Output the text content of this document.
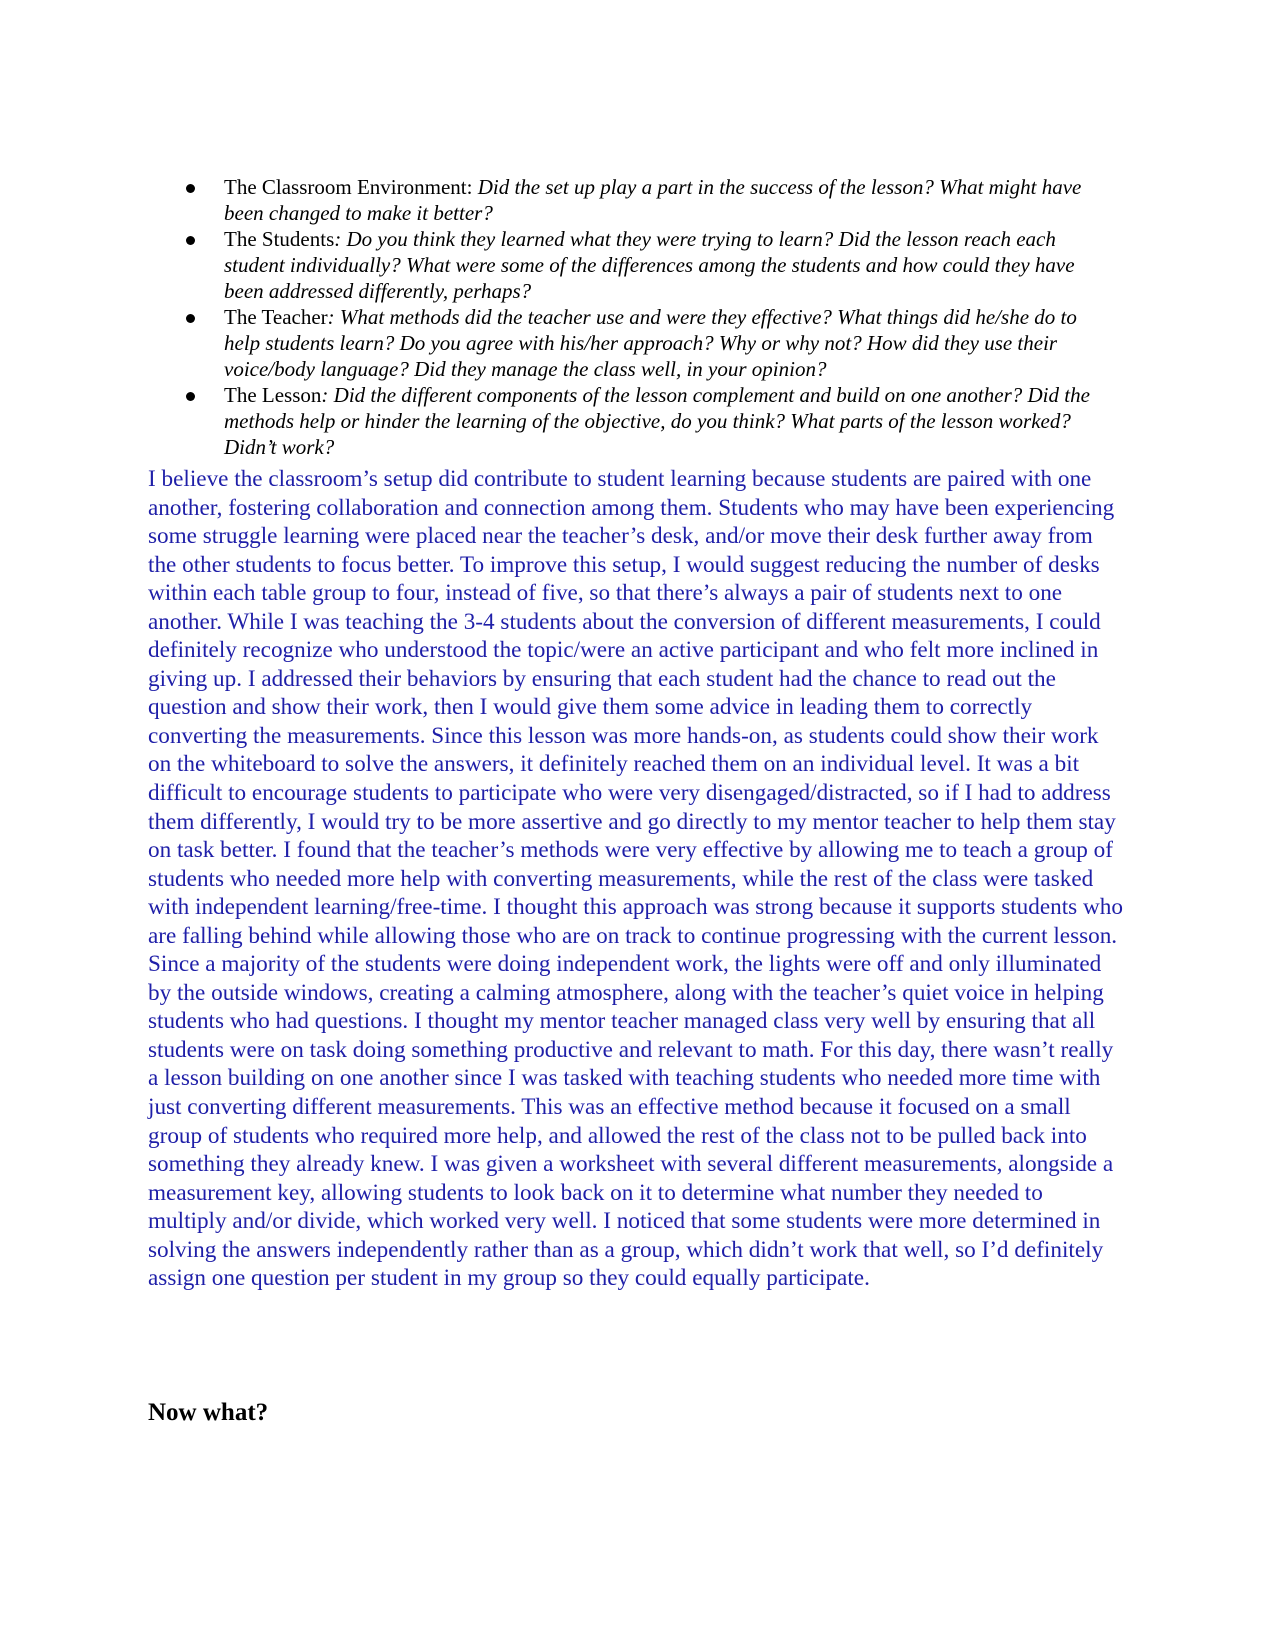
The Classroom Environment: Did the set up play a part in the success of the lesson? What might have been changed to make it better?
The Students: Do you think they learned what they were trying to learn? Did the lesson reach each student individually? What were some of the differences among the students and how could they have been addressed differently, perhaps?
The Teacher: What methods did the teacher use and were they effective? What things did he/she do to help students learn? Do you agree with his/her approach? Why or why not? How did they use their voice/body language? Did they manage the class well, in your opinion?
The Lesson: Did the different components of the lesson complement and build on one another? Did the methods help or hinder the learning of the objective, do you think? What parts of the lesson worked? Didn’t work?

I believe the classroom’s setup did contribute to student learning because students are paired with one another, fostering collaboration and connection among them. Students who may have been experiencing some struggle learning were placed near the teacher’s desk, and/or move their desk further away from the other students to focus better. To improve this setup, I would suggest reducing the number of desks within each table group to four, instead of five, so that there’s always a pair of students next to one another. While I was teaching the 3-4 students about the conversion of different measurements, I could definitely recognize who understood the topic/were an active participant and who felt more inclined in giving up. I addressed their behaviors by ensuring that each student had the chance to read out the question and show their work, then I would give them some advice in leading them to correctly converting the measurements. Since this lesson was more hands-on, as students could show their work on the whiteboard to solve the answers, it definitely reached them on an individual level. It was a bit difficult to encourage students to participate who were very disengaged/distracted, so if I had to address them differently, I would try to be more assertive and go directly to my mentor teacher to help them stay on task better. I found that the teacher’s methods were very effective by allowing me to teach a group of students who needed more help with converting measurements, while the rest of the class were tasked with independent learning/free-time. I thought this approach was strong because it supports students who are falling behind while allowing those who are on track to continue progressing with the current lesson. Since a majority of the students were doing independent work, the lights were off and only illuminated by the outside windows, creating a calming atmosphere, along with the teacher’s quiet voice in helping students who had questions. I thought my mentor teacher managed class very well by ensuring that all students were on task doing something productive and relevant to math. For this day, there wasn’t really a lesson building on one another since I was tasked with teaching students who needed more time with just converting different measurements. This was an effective method because it focused on a small group of students who required more help, and allowed the rest of the class not to be pulled back into something they already knew. I was given a worksheet with several different measurements, alongside a measurement key, allowing students to look back on it to determine what number they needed to multiply and/or divide, which worked very well. I noticed that some students were more determined in solving the answers independently rather than as a group, which didn’t work that well, so I’d definitely assign one question per student in my group so they could equally participate.

Now what?
